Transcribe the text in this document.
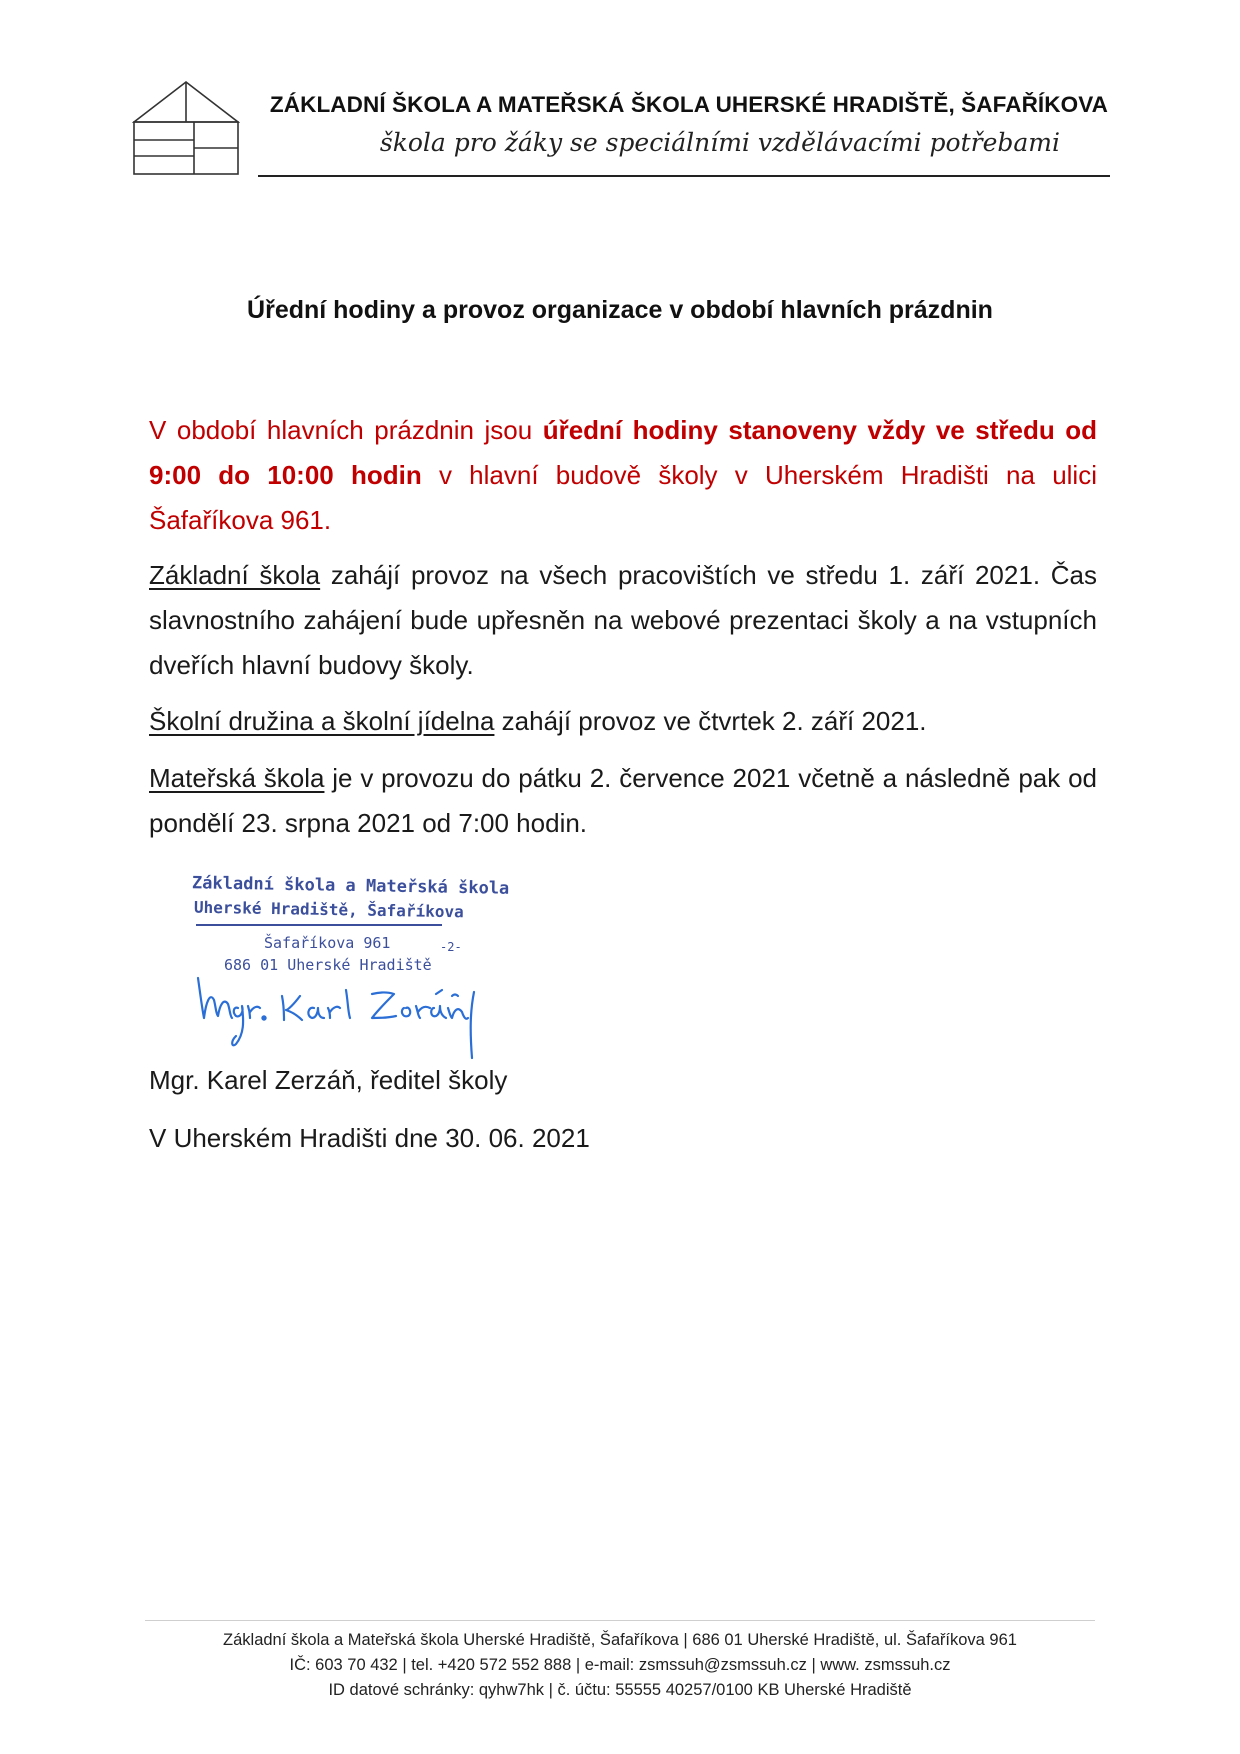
ZÁKLADNÍ ŠKOLA A MATEŘSKÁ ŠKOLA UHERSKÉ HRADIŠTĚ, ŠAFAŘÍKOVA
škola pro žáky se speciálními vzdělávacími potřebami
Úřední hodiny a provoz organizace v období hlavních prázdnin
V období hlavních prázdnin jsou úřední hodiny stanoveny vždy ve středu od 9:00 do 10:00 hodin v hlavní budově školy v Uherském Hradišti na ulici Šafaříkova 961.
Základní škola zahájí provoz na všech pracovištích ve středu 1. září 2021. Čas slavnostního zahájení bude upřesněn na webové prezentaci školy a na vstupních dveřích hlavní budovy školy.
Školní družina a školní jídelna zahájí provoz ve čtvrtek 2. září 2021.
Mateřská škola je v provozu do pátku 2. července 2021 včetně a následně pak od pondělí 23. srpna 2021 od 7:00 hodin.
Základní škola a Mateřská škola
Uherské Hradiště, Šafaříkova
Šafaříkova 961	-2-
686 01 Uherské Hradiště
Mgr. Karel Zerzáň, ředitel školy
V Uherském Hradišti dne 30. 06. 2021
Základní škola a Mateřská škola Uherské Hradiště, Šafaříkova | 686 01 Uherské Hradiště, ul. Šafaříkova 961
IČ: 603 70 432 | tel. +420 572 552 888 | e-mail: zsmssuh@zsmssuh.cz | www. zsmssuh.cz
ID datové schránky: qyhw7hk | č. účtu: 55555 40257/0100 KB Uherské Hradiště
